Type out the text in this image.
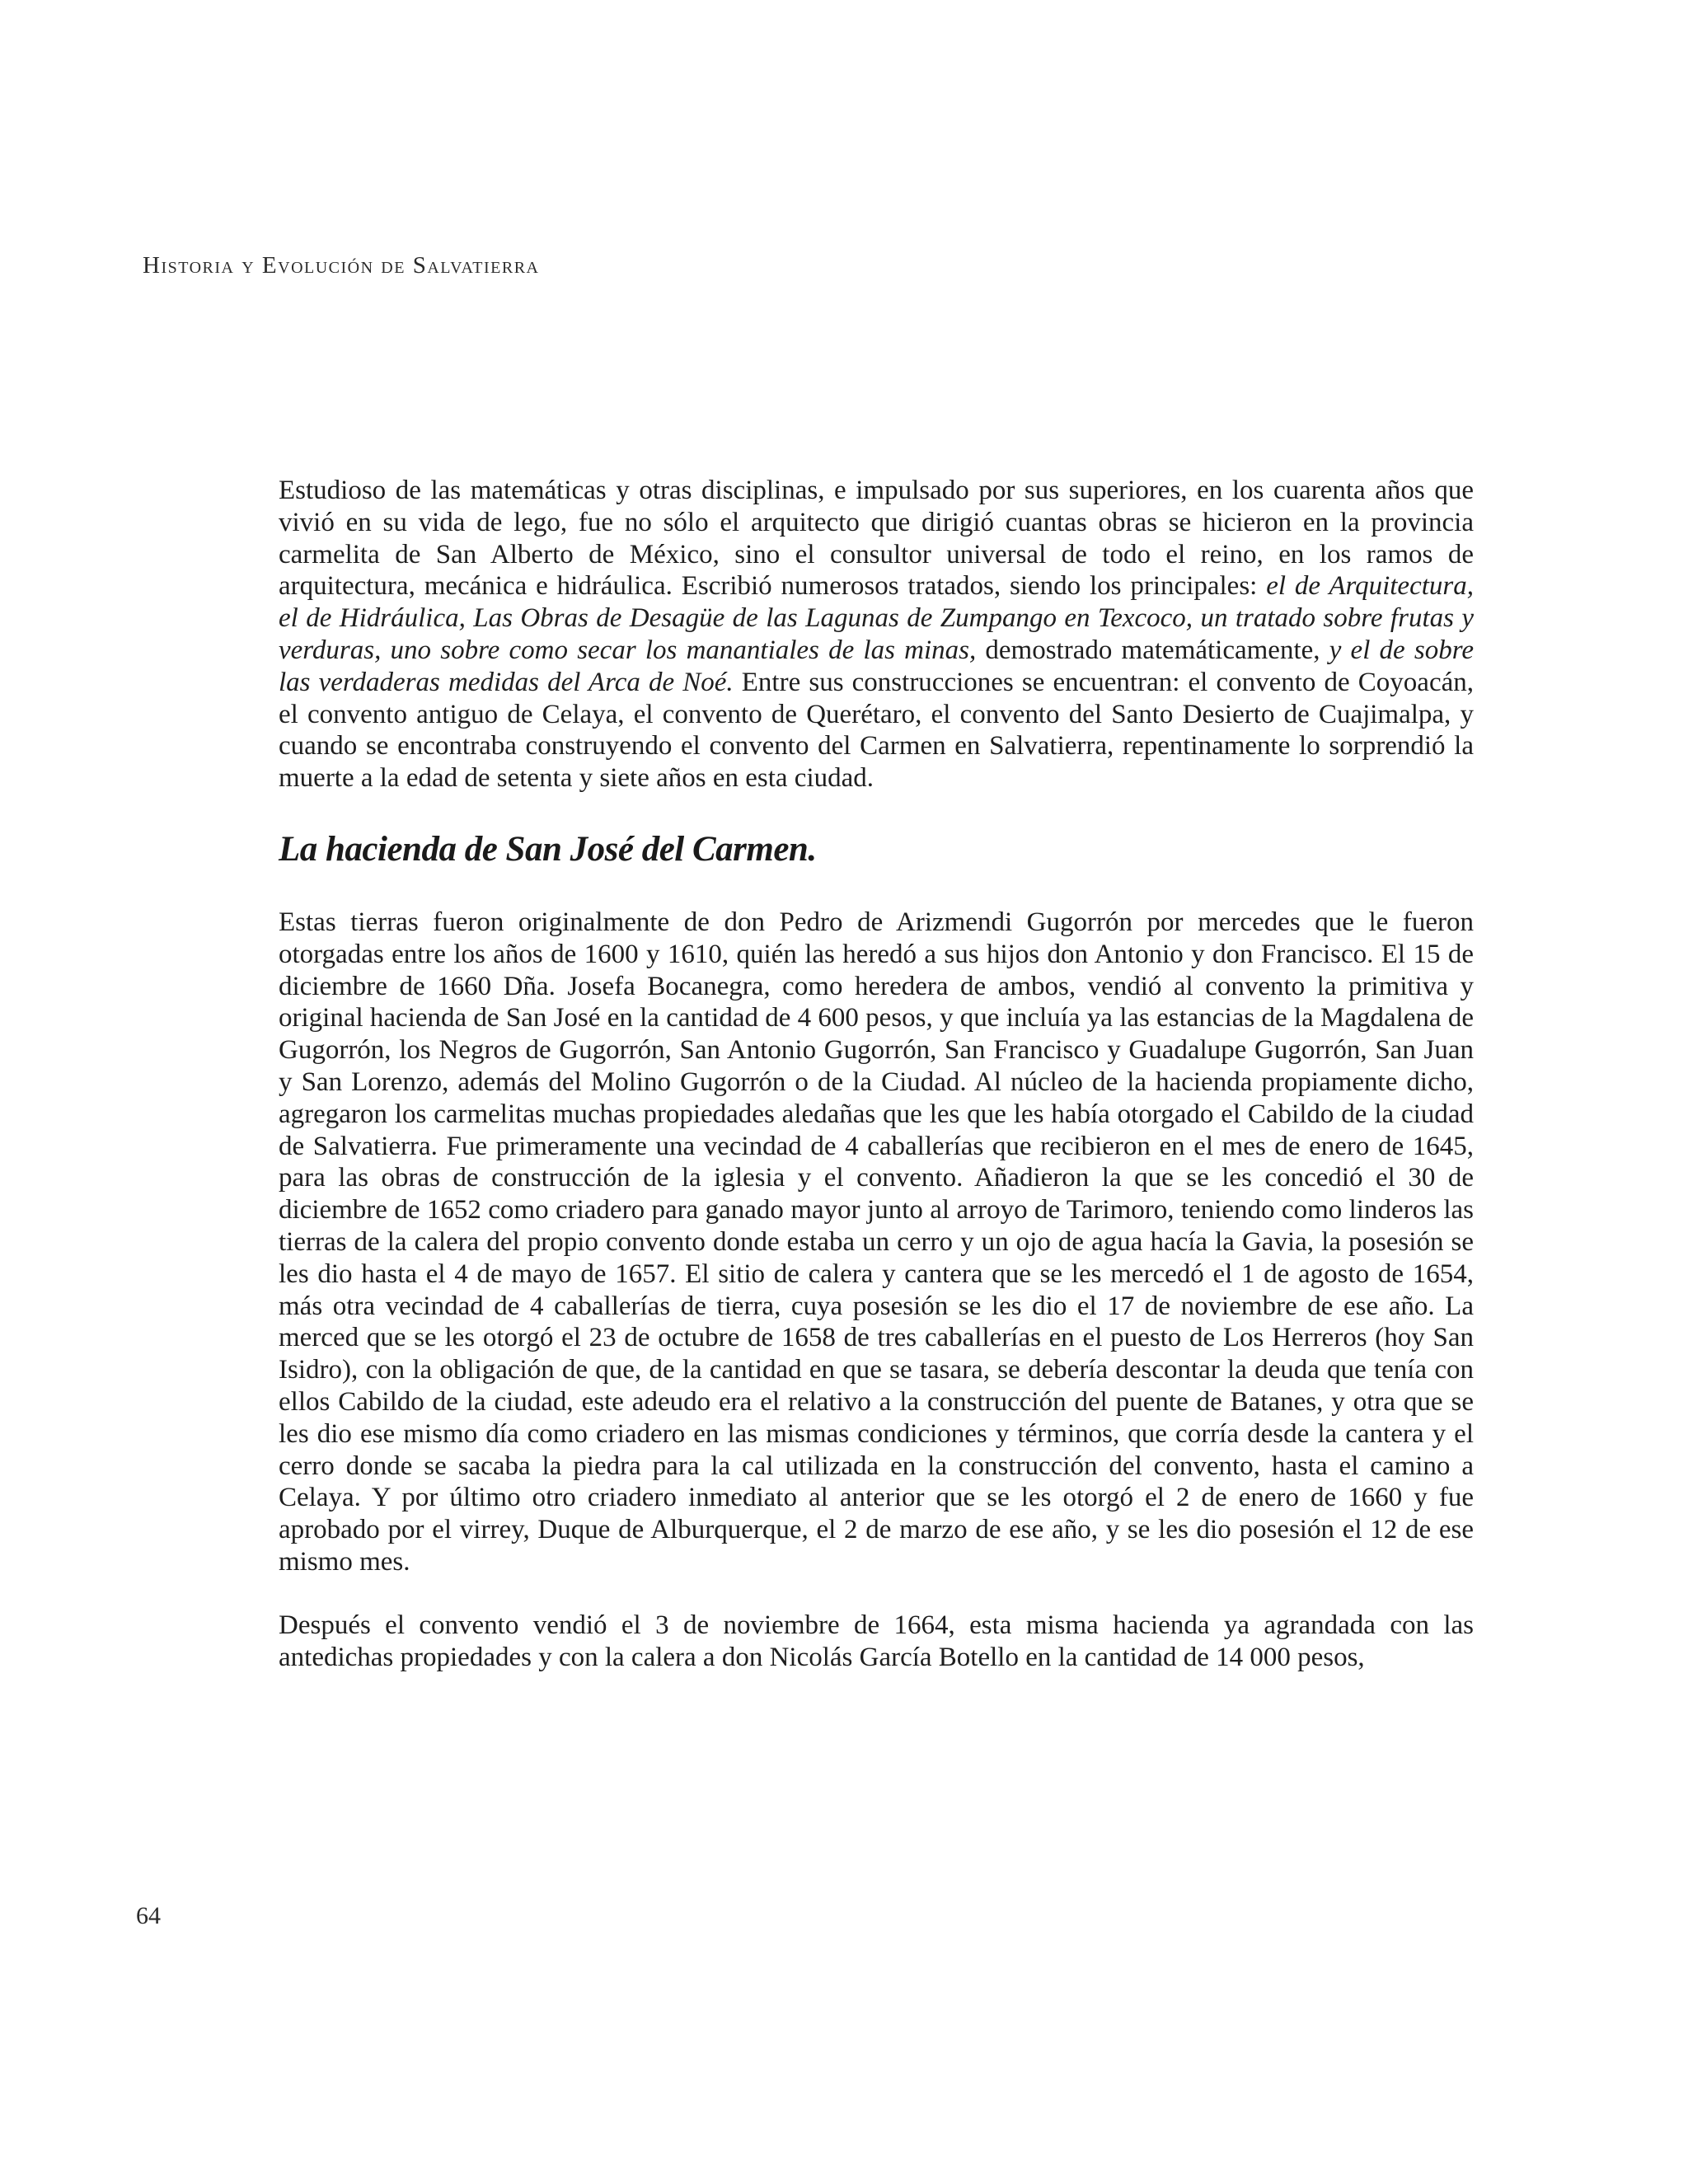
Historia y Evolución de Salvatierra

Estudioso de las matemáticas y otras disciplinas, e impulsado por sus superiores, en los cuarenta años que vivió en su vida de lego, fue no sólo el arquitecto que dirigió cuantas obras se hicieron en la provincia carmelita de San Alberto de México, sino el consultor universal de todo el reino, en los ramos de arquitectura, mecánica e hidráulica. Escribió numerosos tratados, siendo los principales: el de Arquitectura, el de Hidráulica, Las Obras de Desagüe de las Lagunas de Zumpango en Texcoco, un tratado sobre frutas y verduras, uno sobre como secar los manantiales de las minas, demostrado matemáticamente, y el de sobre las verdaderas medidas del Arca de Noé. Entre sus construcciones se encuentran: el convento de Coyoacán, el convento antiguo de Celaya, el convento de Querétaro, el convento del Santo Desierto de Cuajimalpa, y cuando se encontraba construyendo el convento del Carmen en Salvatierra, repentinamente lo sorprendió la muerte a la edad de setenta y siete años en esta ciudad.

La hacienda de San José del Carmen.

Estas tierras fueron originalmente de don Pedro de Arizmendi Gugorrón por mercedes que le fueron otorgadas entre los años de 1600 y 1610, quién las heredó a sus hijos don Antonio y don Francisco. El 15 de diciembre de 1660 Dña. Josefa Bocanegra, como heredera de ambos, vendió al convento la primitiva y original hacienda de San José en la cantidad de 4 600 pesos, y que incluía ya las estancias de la Magdalena de Gugorrón, los Negros de Gugorrón, San Antonio Gugorrón, San Francisco y Guadalupe Gugorrón, San Juan y San Lorenzo, además del Molino Gugorrón o de la Ciudad. Al núcleo de la hacienda propiamente dicho, agregaron los carmelitas muchas propiedades aledañas que les que les había otorgado el Cabildo de la ciudad de Salvatierra. Fue primeramente una vecindad de 4 caballerías que recibieron en el mes de enero de 1645, para las obras de construcción de la iglesia y el convento. Añadieron la que se les concedió el 30 de diciembre de 1652 como criadero para ganado mayor junto al arroyo de Tarimoro, teniendo como linderos las tierras de la calera del propio convento donde estaba un cerro y un ojo de agua hacía la Gavia, la posesión se les dio hasta el 4 de mayo de 1657. El sitio de calera y cantera que se les mercedó el 1 de agosto de 1654, más otra vecindad de 4 caballerías de tierra, cuya posesión se les dio el 17 de noviembre de ese año. La merced que se les otorgó el 23 de octubre de 1658 de tres caballerías en el puesto de Los Herreros (hoy San Isidro), con la obligación de que, de la cantidad en que se tasara, se debería descontar la deuda que tenía con ellos Cabildo de la ciudad, este adeudo era el relativo a la construcción del puente de Batanes, y otra que se les dio ese mismo día como criadero en las mismas condiciones y términos, que corría desde la cantera y el cerro donde se sacaba la piedra para la cal utilizada en la construcción del convento, hasta el camino a Celaya. Y por último otro criadero inmediato al anterior que se les otorgó el 2 de enero de 1660 y fue aprobado por el virrey, Duque de Alburquerque, el 2 de marzo de ese año, y se les dio posesión el 12 de ese mismo mes.

Después el convento vendió el 3 de noviembre de 1664, esta misma hacienda ya agrandada con las antedichas propiedades y con la calera a don Nicolás García Botello en la cantidad de 14 000 pesos,

64
